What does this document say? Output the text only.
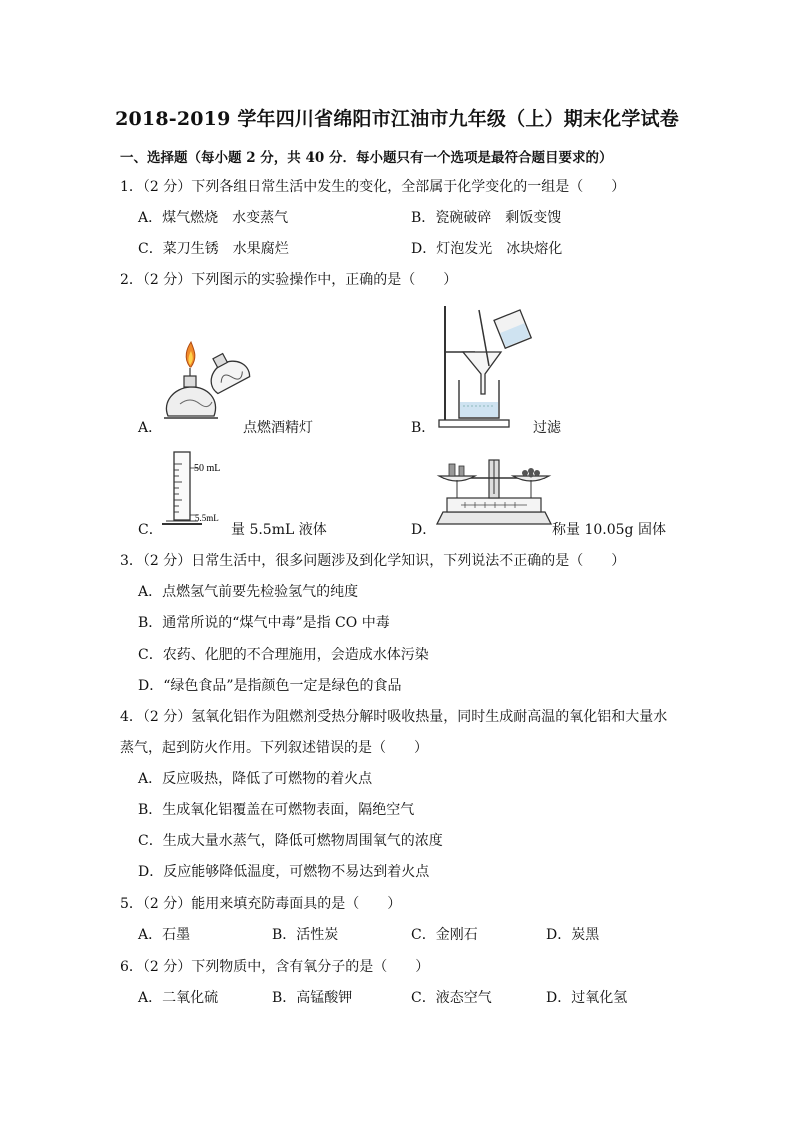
2018-2019 学年四川省绵阳市江油市九年级（上）期末化学试卷
一、选择题（每小题 2 分，共 40 分．每小题只有一个选项是最符合题目要求的）
1．（2 分）下列各组日常生活中发生的变化，全部属于化学变化的一组是（　　）
A．煤气燃烧　水变蒸气	B．瓷碗破碎　剩饭变馊
C．菜刀生锈　水果腐烂	D．灯泡发光　冰块熔化
2．（2 分）下列图示的实验操作中，正确的是（　　）
A．	点燃酒精灯	B．	过滤
C．
50 mL
5.5mL
量 5.5mL 液体	D．	称量 10.05g 固体
3．（2 分）日常生活中，很多问题涉及到化学知识，下列说法不正确的是（　　）
A．点燃氢气前要先检验氢气的纯度
B．通常所说的“煤气中毒”是指 CO 中毒
C．农药、化肥的不合理施用，会造成水体污染
D．“绿色食品”是指颜色一定是绿色的食品
4．（2 分）氢氧化铝作为阻燃剂受热分解时吸收热量，同时生成耐高温的氧化铝和大量水
蒸气，起到防火作用。下列叙述错误的是（　　）
A．反应吸热，降低了可燃物的着火点
B．生成氧化铝覆盖在可燃物表面，隔绝空气
C．生成大量水蒸气，降低可燃物周围氧气的浓度
D．反应能够降低温度，可燃物不易达到着火点
5．（2 分）能用来填充防毒面具的是（　　）
A．石墨	B．活性炭	C．金刚石	D．炭黑
6．（2 分）下列物质中，含有氧分子的是（　　）
A．二氧化硫	B．高锰酸钾	C．液态空气	D．过氧化氢
